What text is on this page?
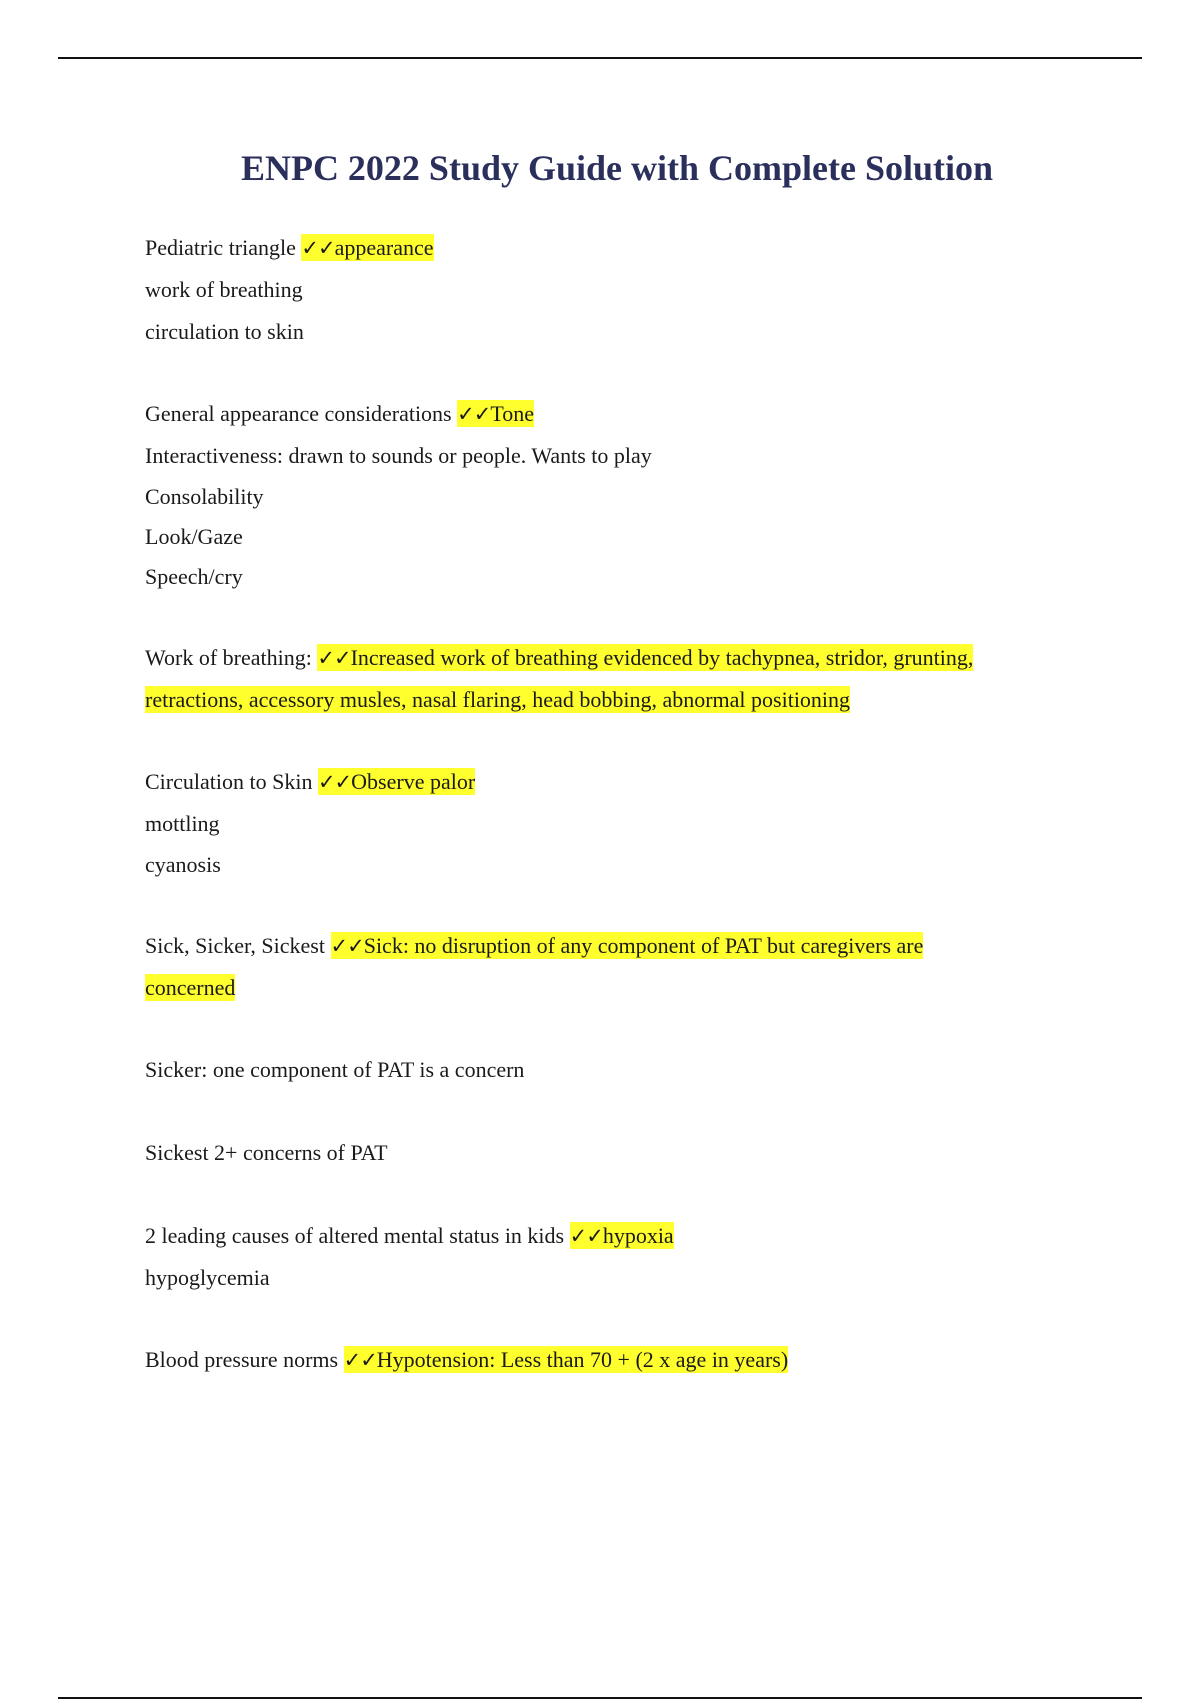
ENPC 2022 Study Guide with Complete Solution

Pediatric triangle ✓✓appearance

work of breathing

circulation to skin

General appearance considerations ✓✓Tone

Interactiveness: drawn to sounds or people. Wants to play

Consolability

Look/Gaze

Speech/cry

Work of breathing: ✓✓Increased work of breathing evidenced by tachypnea, stridor, grunting,

retractions, accessory musles, nasal flaring, head bobbing, abnormal positioning

Circulation to Skin ✓✓Observe palor

mottling

cyanosis

Sick, Sicker, Sickest ✓✓Sick: no disruption of any component of PAT but caregivers are

concerned

Sicker: one component of PAT is a concern

Sickest 2+ concerns of PAT

2 leading causes of altered mental status in kids ✓✓hypoxia

hypoglycemia

Blood pressure norms ✓✓Hypotension: Less than 70 + (2 x age in years)
